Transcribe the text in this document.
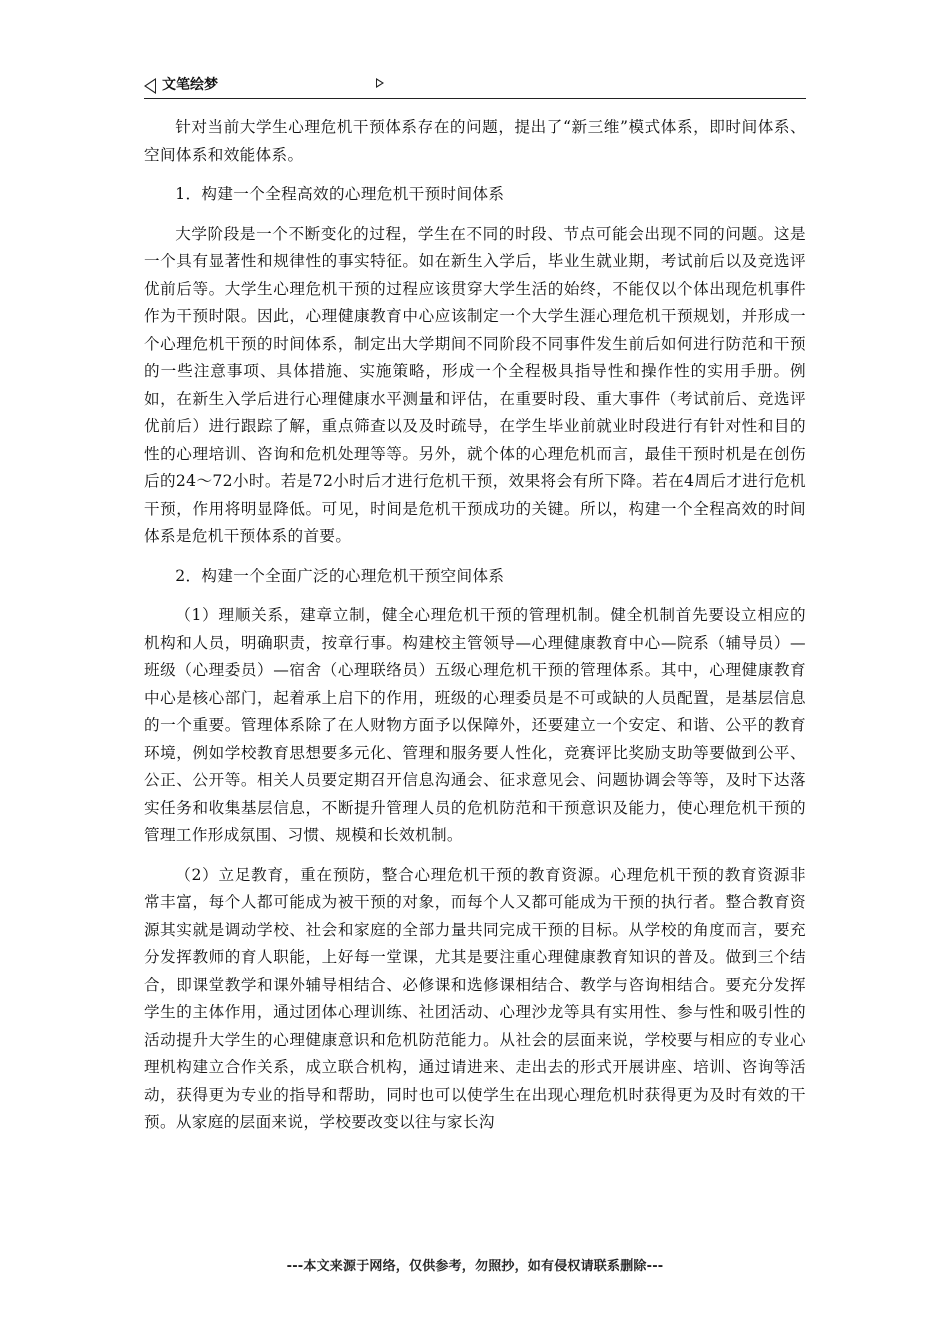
文笔绘梦

针对当前大学生心理危机干预体系存在的问题，提出了“新三维”模式体系，即时间体系、空间体系和效能体系。

1．构建一个全程高效的心理危机干预时间体系

大学阶段是一个不断变化的过程，学生在不同的时段、节点可能会出现不同的问题。这是一个具有显著性和规律性的事实特征。如在新生入学后，毕业生就业期，考试前后以及竞选评优前后等。大学生心理危机干预的过程应该贯穿大学生活的始终，不能仅以个体出现危机事件作为干预时限。因此，心理健康教育中心应该制定一个大学生涯心理危机干预规划，并形成一个心理危机干预的时间体系，制定出大学期间不同阶段不同事件发生前后如何进行防范和干预的一些注意事项、具体措施、实施策略，形成一个全程极具指导性和操作性的实用手册。例如，在新生入学后进行心理健康水平测量和评估，在重要时段、重大事件（考试前后、竞选评优前后）进行跟踪了解，重点筛查以及及时疏导，在学生毕业前就业时段进行有针对性和目的性的心理培训、咨询和危机处理等等。另外，就个体的心理危机而言，最佳干预时机是在创伤后的24～72小时。若是72小时后才进行危机干预，效果将会有所下降。若在4周后才进行危机干预，作用将明显降低。可见，时间是危机干预成功的关键。所以，构建一个全程高效的时间体系是危机干预体系的首要。

2．构建一个全面广泛的心理危机干预空间体系

（1）理顺关系，建章立制，健全心理危机干预的管理机制。健全机制首先要设立相应的机构和人员，明确职责，按章行事。构建校主管领导—心理健康教育中心—院系（辅导员）—班级（心理委员）—宿舍（心理联络员）五级心理危机干预的管理体系。其中，心理健康教育中心是核心部门，起着承上启下的作用，班级的心理委员是不可或缺的人员配置，是基层信息的一个重要。管理体系除了在人财物方面予以保障外，还要建立一个安定、和谐、公平的教育环境，例如学校教育思想要多元化、管理和服务要人性化，竞赛评比奖励支助等要做到公平、公正、公开等。相关人员要定期召开信息沟通会、征求意见会、问题协调会等等，及时下达落实任务和收集基层信息，不断提升管理人员的危机防范和干预意识及能力，使心理危机干预的管理工作形成氛围、习惯、规模和长效机制。

（2）立足教育，重在预防，整合心理危机干预的教育资源。心理危机干预的教育资源非常丰富，每个人都可能成为被干预的对象，而每个人又都可能成为干预的执行者。整合教育资源其实就是调动学校、社会和家庭的全部力量共同完成干预的目标。从学校的角度而言，要充分发挥教师的育人职能，上好每一堂课，尤其是要注重心理健康教育知识的普及。做到三个结合，即课堂教学和课外辅导相结合、必修课和选修课相结合、教学与咨询相结合。要充分发挥学生的主体作用，通过团体心理训练、社团活动、心理沙龙等具有实用性、参与性和吸引性的活动提升大学生的心理健康意识和危机防范能力。从社会的层面来说，学校要与相应的专业心理机构建立合作关系，成立联合机构，通过请进来、走出去的形式开展讲座、培训、咨询等活动，获得更为专业的指导和帮助，同时也可以使学生在出现心理危机时获得更为及时有效的干预。从家庭的层面来说，学校要改变以往与家长沟

---本文来源于网络，仅供参考，勿照抄，如有侵权请联系删除---
